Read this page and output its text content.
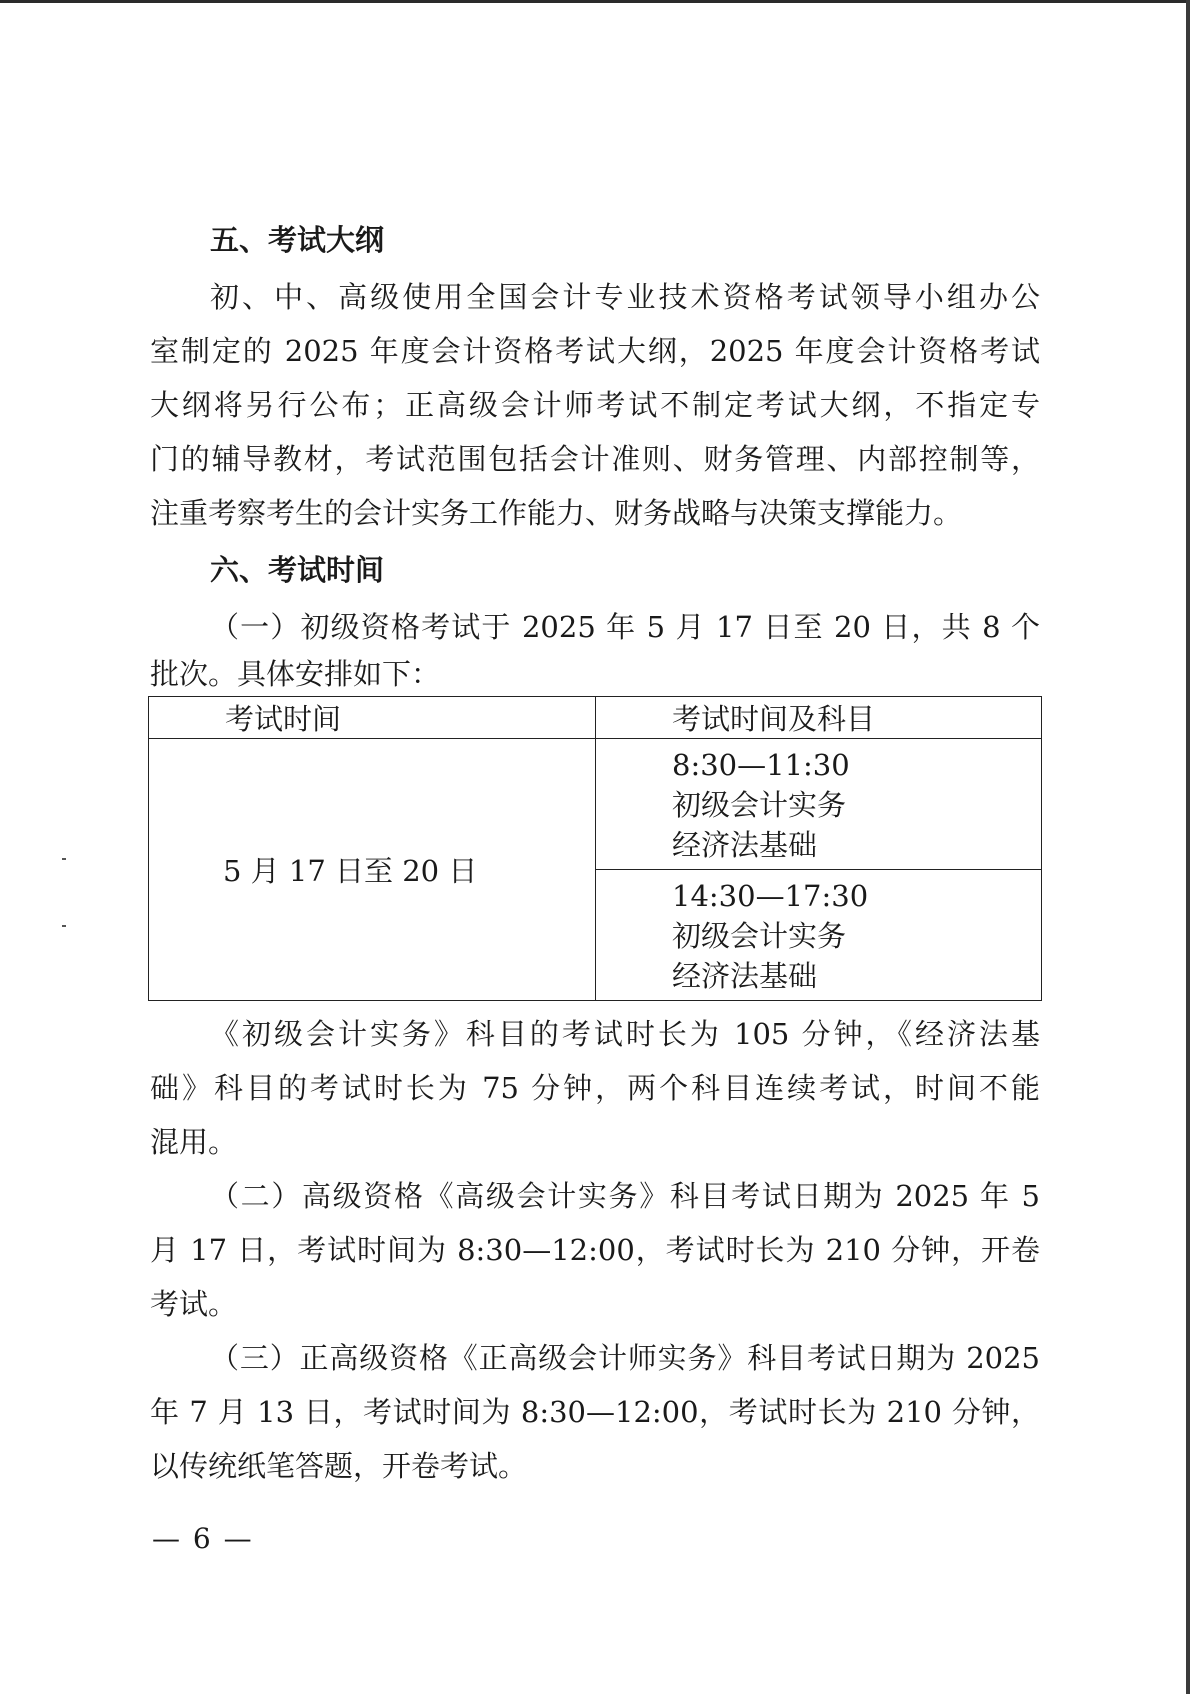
五、考试大纲

初、中、高级使用全国会计专业技术资格考试领导小组办公
室制定的 2025 年度会计资格考试大纲，2025 年度会计资格考试
大纲将另行公布；正高级会计师考试不制定考试大纲，不指定专
门的辅导教材，考试范围包括会计准则、财务管理、内部控制等，
注重考察考生的会计实务工作能力、财务战略与决策支撑能力。

六、考试时间

（一）初级资格考试于 2025 年 5 月 17 日至 20 日，共 8 个
批次。具体安排如下：

考试时间	考试时间及科目
5 月 17 日至 20 日	8:30—11:30
初级会计实务
经济法基础

	14:30—17:30
初级会计实务
经济法基础

《初级会计实务》科目的考试时长为 105 分钟，《经济法基
础》科目的考试时长为 75 分钟，两个科目连续考试，时间不能
混用。

（二）高级资格《高级会计实务》科目考试日期为 2025 年 5
月 17 日，考试时间为 8:30—12:00，考试时长为 210 分钟，开卷
考试。

（三）正高级资格《正高级会计师实务》科目考试日期为 2025
年 7 月 13 日，考试时间为 8:30—12:00，考试时长为 210 分钟，
以传统纸笔答题，开卷考试。

— 6 —
